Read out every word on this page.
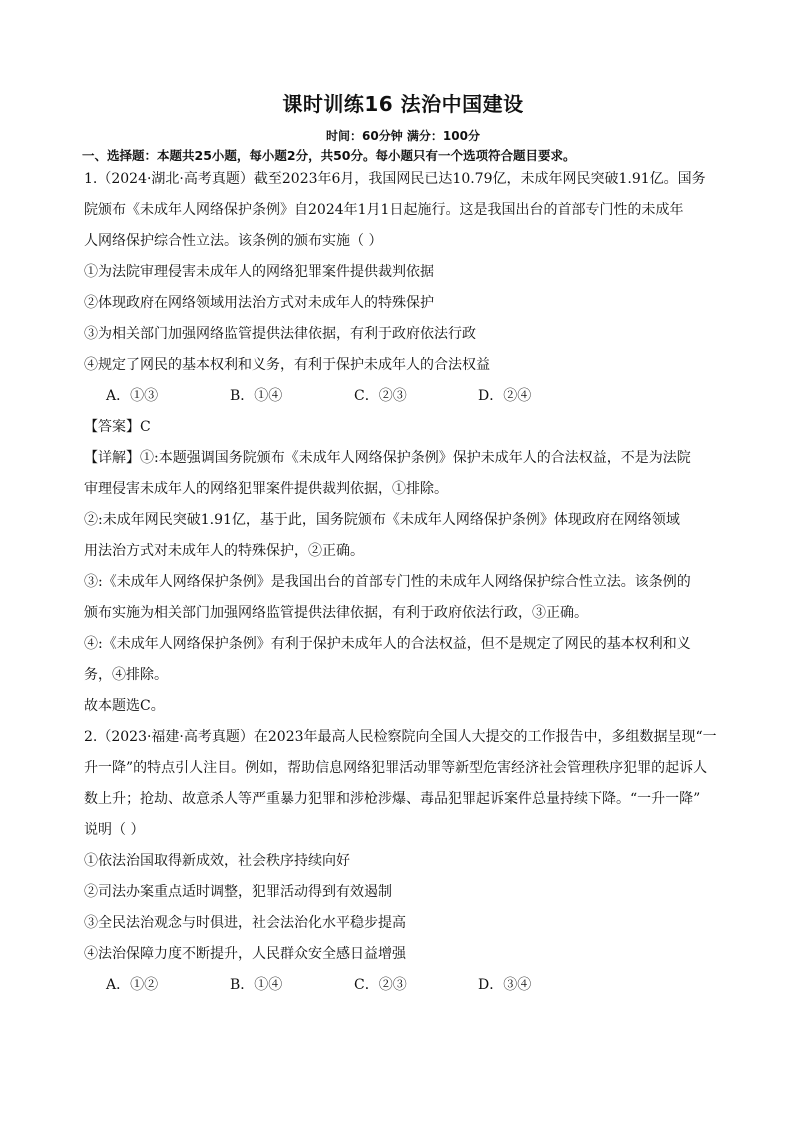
课时训练16 法治中国建设
时间：60分钟 满分：100分
一、选择题：本题共25小题，每小题2分，共50分。每小题只有一个选项符合题目要求。
1.（2024·湖北·高考真题）截至2023年6月，我国网民已达10.79亿，未成年网民突破1.91亿。国务
院颁布《未成年人网络保护条例》自2024年1月1日起施行。这是我国出台的首部专门性的未成年
人网络保护综合性立法。该条例的颁布实施（ ）
①为法院审理侵害未成年人的网络犯罪案件提供裁判依据
②体现政府在网络领域用法治方式对未成年人的特殊保护
③为相关部门加强网络监管提供法律依据，有利于政府依法行政
④规定了网民的基本权利和义务，有利于保护未成年人的合法权益
A．①③	B．①④	C．②③	D．②④
【答案】C
【详解】①:本题强调国务院颁布《未成年人网络保护条例》保护未成年人的合法权益，不是为法院
审理侵害未成年人的网络犯罪案件提供裁判依据，①排除。
②:未成年网民突破1.91亿，基于此，国务院颁布《未成年人网络保护条例》体现政府在网络领域
用法治方式对未成年人的特殊保护，②正确。
③:《未成年人网络保护条例》是我国出台的首部专门性的未成年人网络保护综合性立法。该条例的
颁布实施为相关部门加强网络监管提供法律依据，有利于政府依法行政，③正确。
④:《未成年人网络保护条例》有利于保护未成年人的合法权益，但不是规定了网民的基本权利和义
务，④排除。
故本题选C。
2.（2023·福建·高考真题）在2023年最高人民检察院向全国人大提交的工作报告中，多组数据呈现“一
升一降”的特点引人注目。例如，帮助信息网络犯罪活动罪等新型危害经济社会管理秩序犯罪的起诉人
数上升；抢劫、故意杀人等严重暴力犯罪和涉枪涉爆、毒品犯罪起诉案件总量持续下降。“一升一降”
说明（ ）
①依法治国取得新成效，社会秩序持续向好
②司法办案重点适时调整，犯罪活动得到有效遏制
③全民法治观念与时俱进，社会法治化水平稳步提高
④法治保障力度不断提升，人民群众安全感日益增强
A．①②	B．①④	C．②③	D．③④
